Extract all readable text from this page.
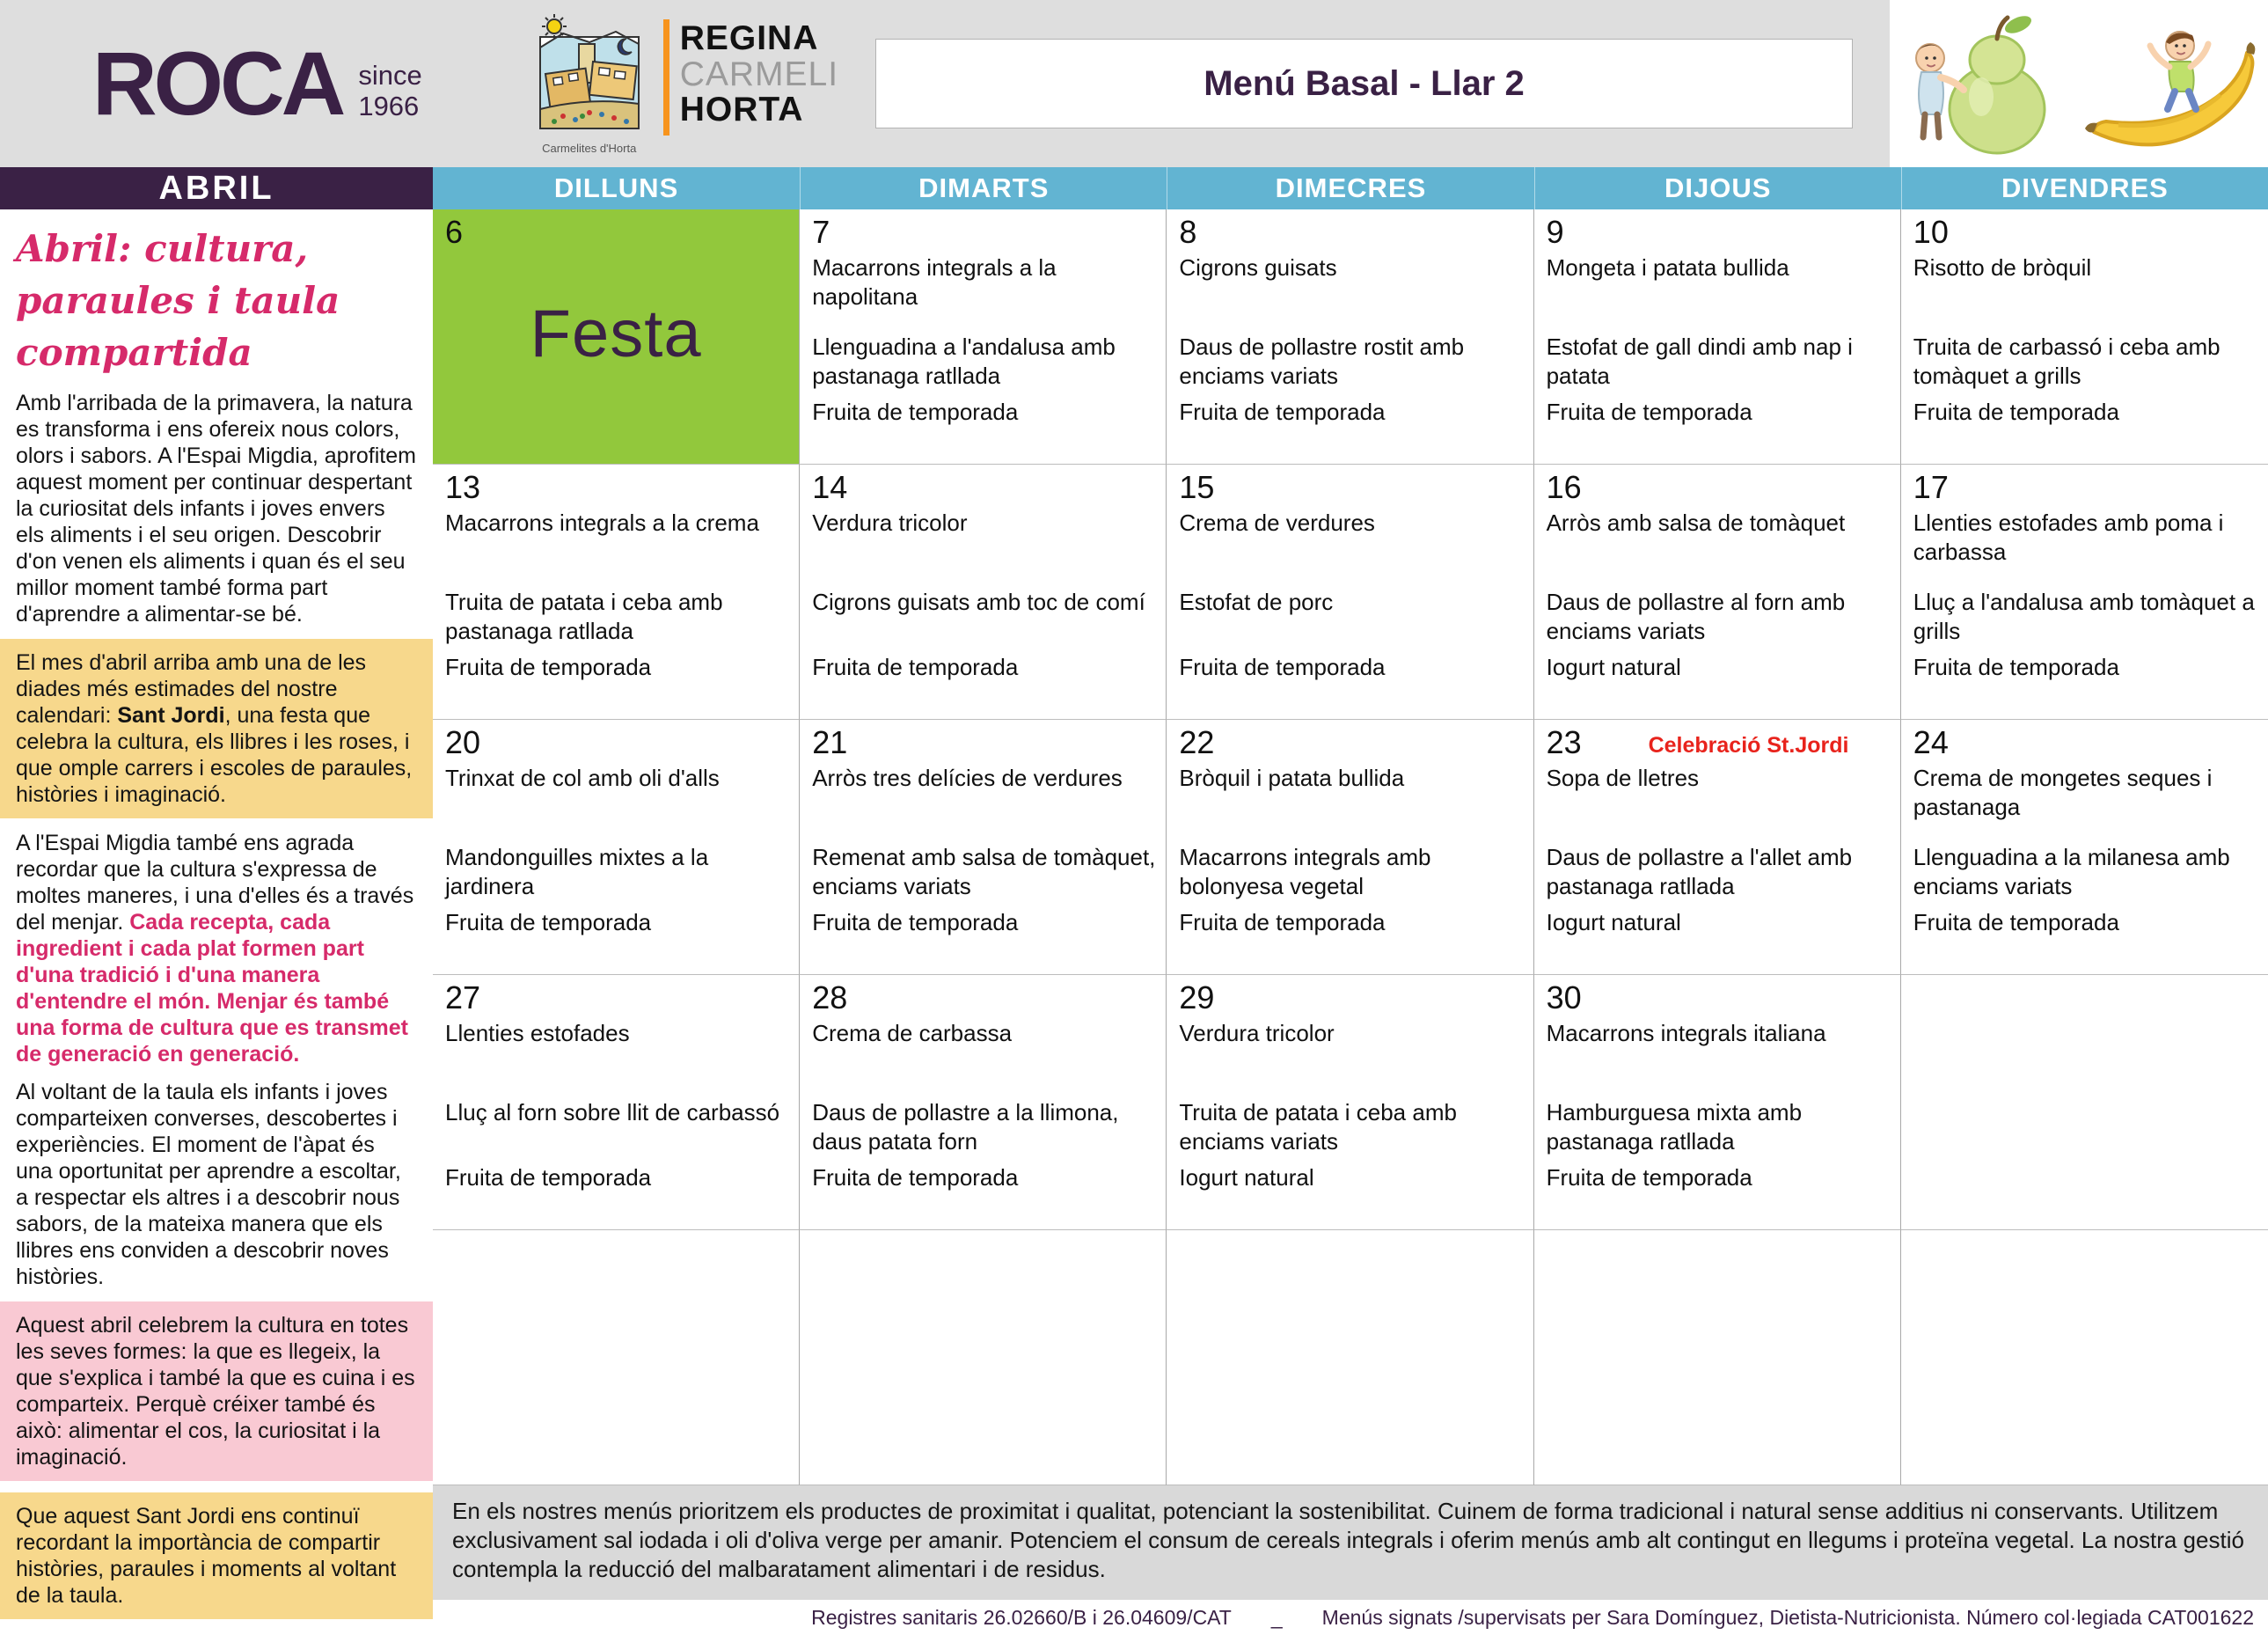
ROCA since
1966
Carmelites d'Horta
REGINA
CARMELI
HORTA
Menú Basal - Llar 2
ABRIL
Abril: cultura, paraules i taula compartida
Amb l'arribada de la primavera, la natura es transforma i ens ofereix nous colors, olors i sabors. A l'Espai Migdia, aprofitem aquest moment per continuar despertant la curiositat dels infants i joves envers els aliments i el seu origen. Descobrir d'on venen els aliments i quan és el seu millor moment també forma part d'aprendre a alimentar-se bé.
El mes d'abril arriba amb una de les diades més estimades del nostre calendari: Sant Jordi, una festa que celebra la cultura, els llibres i les roses, i que omple carrers i escoles de paraules, històries i imaginació.
A l'Espai Migdia també ens agrada recordar que la cultura s'expressa de moltes maneres, i una d'elles és a través del menjar. Cada recepta, cada ingredient i cada plat formen part d'una tradició i d'una manera d'entendre el món. Menjar és també una forma de cultura que es transmet de generació en generació.
Al voltant de la taula els infants i joves comparteixen converses, descobertes i experiències. El moment de l'àpat és una oportunitat per aprendre a escoltar, a respectar els altres i a descobrir nous sabors, de la mateixa manera que els llibres ens conviden a descobrir noves històries.
Aquest abril celebrem la cultura en totes les seves formes: la que es llegeix, la que s'explica i també la que es cuina i es comparteix. Perquè créixer també és això: alimentar el cos, la curiositat i la imaginació.
Que aquest Sant Jordi ens continuï recordant la importància de compartir històries, paraules i moments al voltant de la taula.
DILLUNS	DIMARTS	DIMECRES	DIJOUS	DIVENDRES
6
Festa
7
Macarrons integrals a la napolitana
Llenguadina a l'andalusa amb pastanaga ratllada
Fruita de temporada
8
Cigrons guisats
Daus de pollastre rostit amb enciams variats
Fruita de temporada
9
Mongeta i patata bullida
Estofat de gall dindi amb nap i patata
Fruita de temporada
10
Risotto de bròquil
Truita de carbassó i ceba amb tomàquet a grills
Fruita de temporada
13
Macarrons integrals a la crema
Truita de patata i ceba amb pastanaga ratllada
Fruita de temporada
14
Verdura tricolor
Cigrons guisats amb toc de comí
Fruita de temporada
15
Crema de verdures
Estofat de porc
Fruita de temporada
16
Arròs amb salsa de tomàquet
Daus de pollastre al forn amb enciams variats
Iogurt natural
17
Llenties estofades amb poma i carbassa
Lluç a l'andalusa amb tomàquet a grills
Fruita de temporada
20
Trinxat de col amb oli d'alls
Mandonguilles mixtes a la jardinera
Fruita de temporada
21
Arròs tres delícies de verdures
Remenat amb salsa de tomàquet, enciams variats
Fruita de temporada
22
Bròquil i patata bullida
Macarrons integrals amb bolonyesa vegetal
Fruita de temporada
23	Celebració St.Jordi
Sopa de lletres
Daus de pollastre a l'allet amb pastanaga ratllada
Iogurt natural
24
Crema de mongetes seques i pastanaga
Llenguadina a la milanesa amb enciams variats
Fruita de temporada
27
Llenties estofades
Lluç al forn sobre llit de carbassó
Fruita de temporada
28
Crema de carbassa
Daus de pollastre a la llimona, daus patata forn
Fruita de temporada
29
Verdura tricolor
Truita de patata i ceba amb enciams variats
Iogurt natural
30
Macarrons integrals italiana
Hamburguesa mixta amb pastanaga ratllada
Fruita de temporada
En els nostres menús prioritzem els productes de proximitat i qualitat, potenciant la sostenibilitat. Cuinem de forma tradicional i natural sense additius ni conservants. Utilitzem exclusivament sal iodada i oli d'oliva verge per amanir. Potenciem el consum de cereals integrals i oferim menús amb alt contingut en llegums i proteïna vegetal. La nostra gestió contempla la reducció del malbaratament alimentari i de residus.
Registres sanitaris 26.02660/B i 26.04609/CAT _ Menús signats /supervisats per Sara Domínguez, Dietista-Nutricionista. Número col·legiada CAT001622
